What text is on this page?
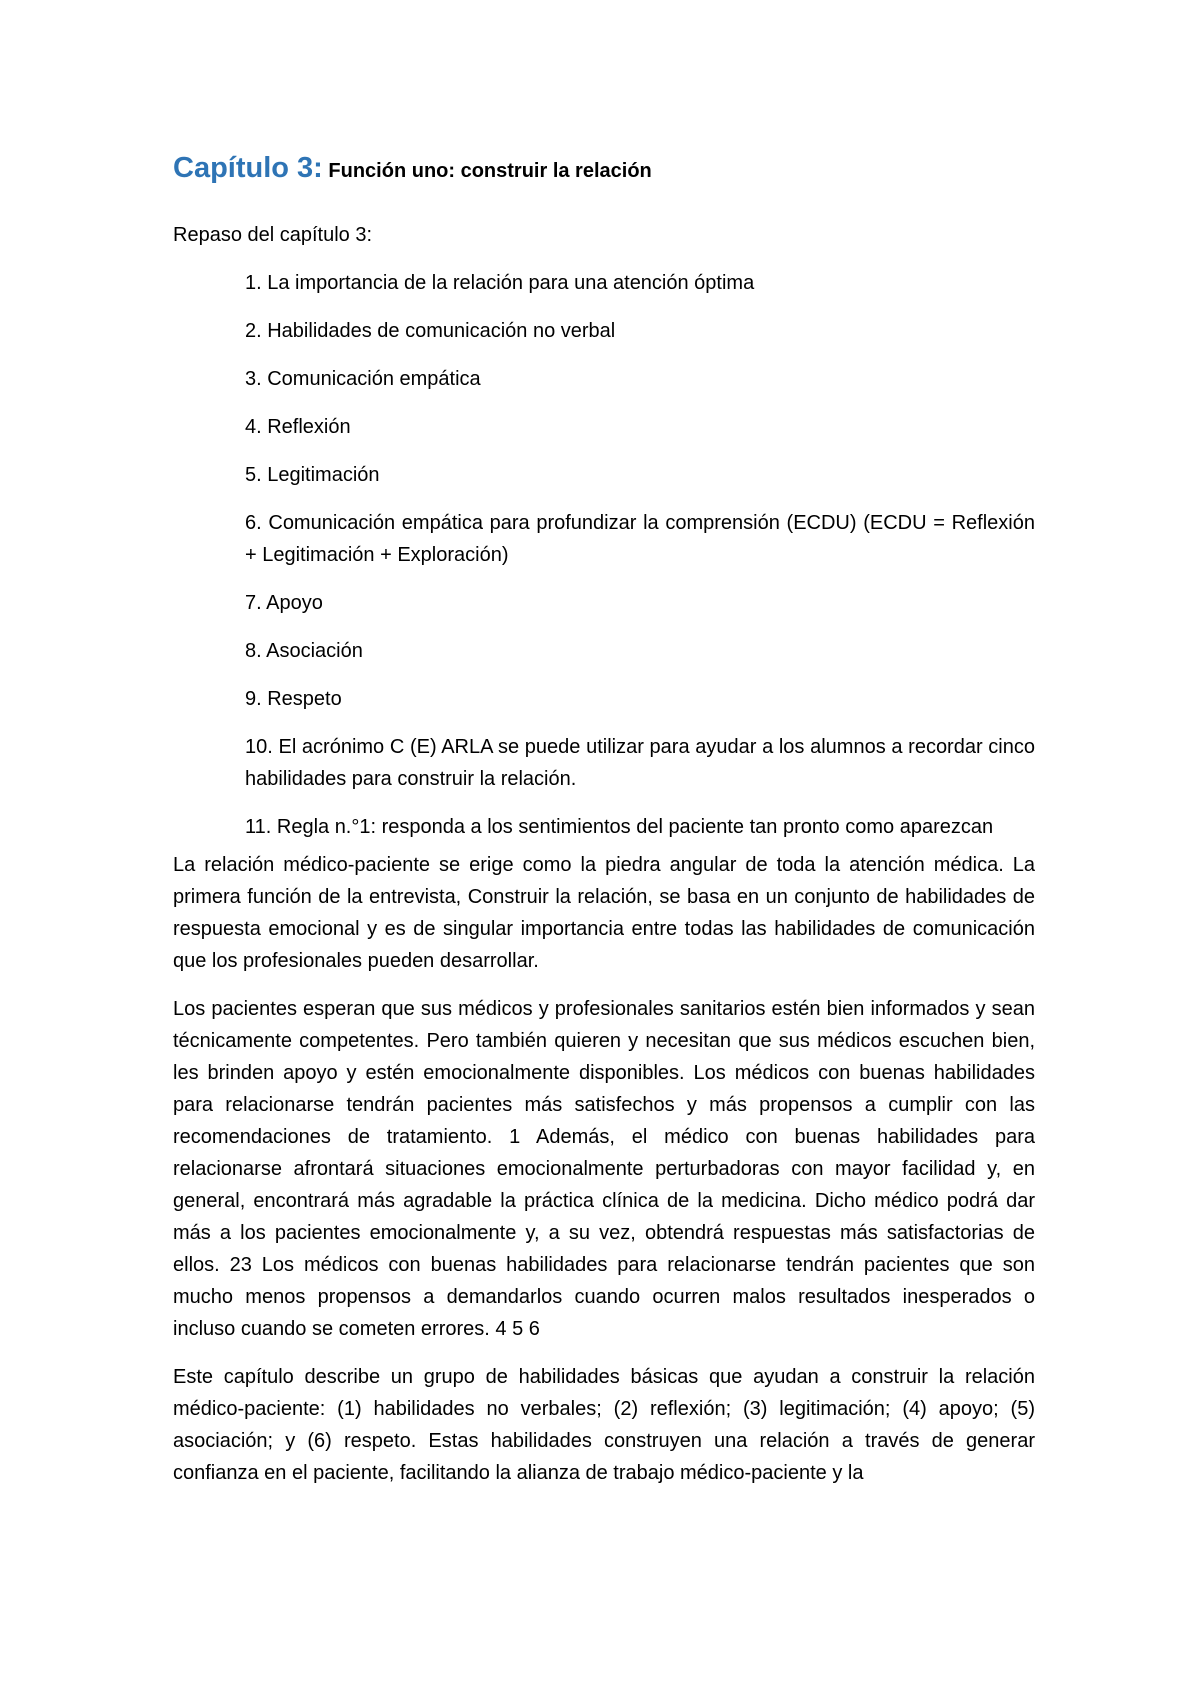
Capítulo 3: Función uno: construir la relación

Repaso del capítulo 3:

1. La importancia de la relación para una atención óptima
2. Habilidades de comunicación no verbal
3. Comunicación empática
4. Reflexión
5. Legitimación
6. Comunicación empática para profundizar la comprensión (ECDU) (ECDU = Reflexión + Legitimación + Exploración)
7. Apoyo
8. Asociación
9. Respeto
10. El acrónimo C (E) ARLA se puede utilizar para ayudar a los alumnos a recordar cinco habilidades para construir la relación.
11. Regla n.°1: responda a los sentimientos del paciente tan pronto como aparezcan

La relación médico-paciente se erige como la piedra angular de toda la atención médica. La primera función de la entrevista, Construir la relación, se basa en un conjunto de habilidades de respuesta emocional y es de singular importancia entre todas las habilidades de comunicación que los profesionales pueden desarrollar.

Los pacientes esperan que sus médicos y profesionales sanitarios estén bien informados y sean técnicamente competentes. Pero también quieren y necesitan que sus médicos escuchen bien, les brinden apoyo y estén emocionalmente disponibles. Los médicos con buenas habilidades para relacionarse tendrán pacientes más satisfechos y más propensos a cumplir con las recomendaciones de tratamiento. 1 Además, el médico con buenas habilidades para relacionarse afrontará situaciones emocionalmente perturbadoras con mayor facilidad y, en general, encontrará más agradable la práctica clínica de la medicina. Dicho médico podrá dar más a los pacientes emocionalmente y, a su vez, obtendrá respuestas más satisfactorias de ellos. 23 Los médicos con buenas habilidades para relacionarse tendrán pacientes que son mucho menos propensos a demandarlos cuando ocurren malos resultados inesperados o incluso cuando se cometen errores. 4 5 6

Este capítulo describe un grupo de habilidades básicas que ayudan a construir la relación médico-paciente: (1) habilidades no verbales; (2) reflexión; (3) legitimación; (4) apoyo; (5) asociación; y (6) respeto. Estas habilidades construyen una relación a través de generar confianza en el paciente, facilitando la alianza de trabajo médico-paciente y la
